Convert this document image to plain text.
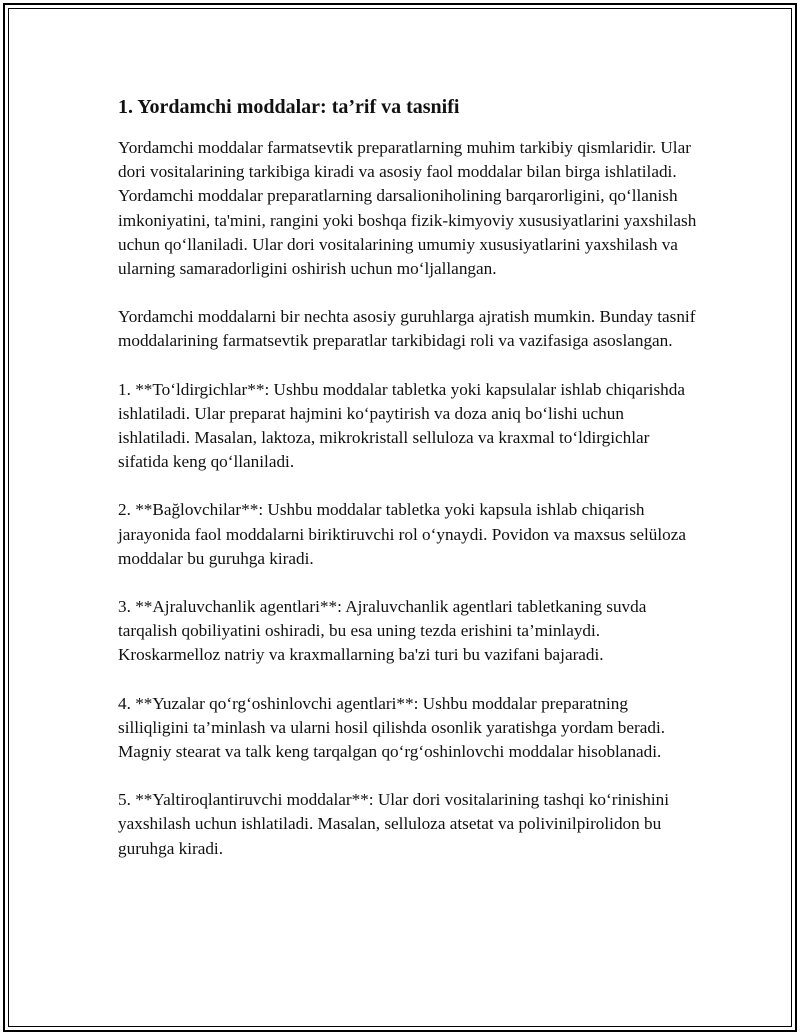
1. Yordamchi moddalar: ta’rif va tasnifi

Yordamchi moddalar farmatsevtik preparatlarning muhim tarkibiy qismlaridir. Ular dori vositalarining tarkibiga kiradi va asosiy faol moddalar bilan birga ishlatiladi. Yordamchi moddalar preparatlarning darsalioniholining barqarorligini, qo‘llanish imkoniyatini, ta'mini, rangini yoki boshqa fizik-kimyoviy xususiyatlarini yaxshilash uchun qo‘llaniladi. Ular dori vositalarining umumiy xususiyatlarini yaxshilash va ularning samaradorligini oshirish uchun mo‘ljallangan.

Yordamchi moddalarni bir nechta asosiy guruhlarga ajratish mumkin. Bunday tasnif moddalarining farmatsevtik preparatlar tarkibidagi roli va vazifasiga asoslangan.

1. **To‘ldirgichlar**: Ushbu moddalar tabletka yoki kapsulalar ishlab chiqarishda ishlatiladi. Ular preparat hajmini ko‘paytirish va doza aniq bo‘lishi uchun ishlatiladi. Masalan, laktoza, mikrokristall selluloza va kraxmal to‘ldirgichlar sifatida keng qo‘llaniladi.

2. **Bağlovchilar**: Ushbu moddalar tabletka yoki kapsula ishlab chiqarish jarayonida faol moddalarni biriktiruvchi rol o‘ynaydi. Povidon va maxsus selüloza moddalar bu guruhga kiradi.

3. **Ajraluvchanlik agentlari**: Ajraluvchanlik agentlari tabletkaning suvda tarqalish qobiliyatini oshiradi, bu esa uning tezda erishini ta’minlaydi. Kroskarmelloz natriy va kraxmallarning ba'zi turi bu vazifani bajaradi.

4. **Yuzalar qo‘rg‘oshinlovchi agentlari**: Ushbu moddalar preparatning silliqligini ta’minlash va ularni hosil qilishda osonlik yaratishga yordam beradi. Magniy stearat va talk keng tarqalgan qo‘rg‘oshinlovchi moddalar hisoblanadi.

5. **Yaltiroqlantiruvchi moddalar**: Ular dori vositalarining tashqi ko‘rinishini yaxshilash uchun ishlatiladi. Masalan, selluloza atsetat va polivinilpirolidon bu guruhga kiradi.
